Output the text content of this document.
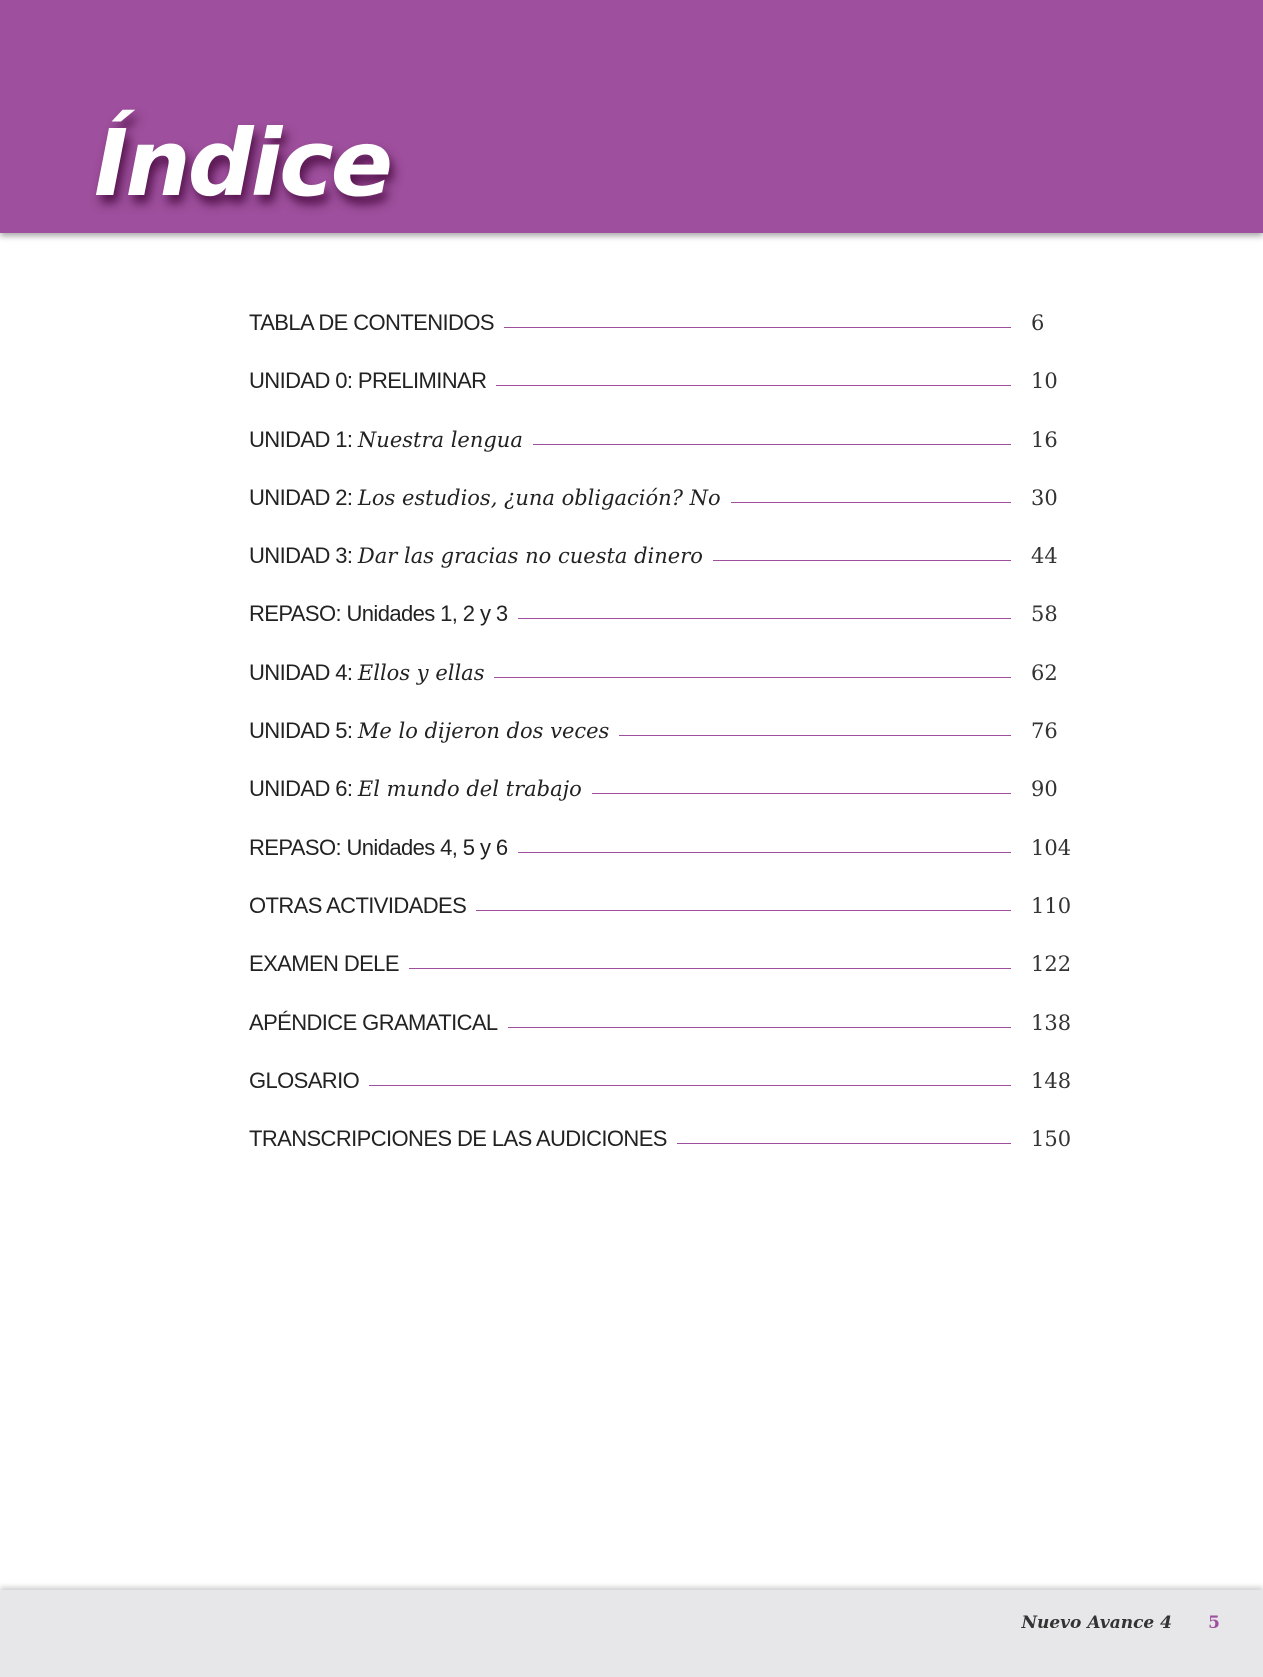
Índice
TABLA DE CONTENIDOS	6
UNIDAD 0: PRELIMINAR	10
UNIDAD 1: Nuestra lengua	16
UNIDAD 2: Los estudios, ¿una obligación? No	30
UNIDAD 3: Dar las gracias no cuesta dinero	44
REPASO: Unidades 1, 2 y 3	58
UNIDAD 4: Ellos y ellas	62
UNIDAD 5: Me lo dijeron dos veces	76
UNIDAD 6: El mundo del trabajo	90
REPASO: Unidades 4, 5 y 6	104
OTRAS ACTIVIDADES	110
EXAMEN DELE	122
APÉNDICE GRAMATICAL	138
GLOSARIO	148
TRANSCRIPCIONES DE LAS AUDICIONES	150
Nuevo Avance 4 5
